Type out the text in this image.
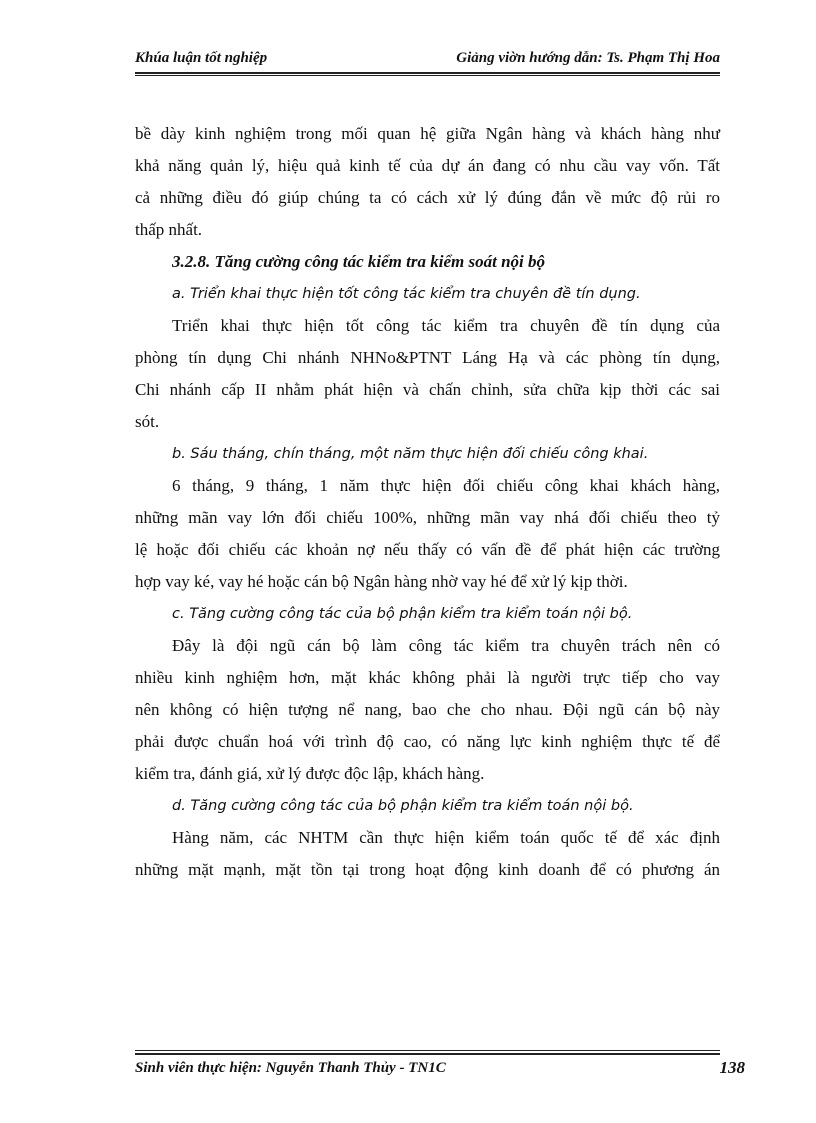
Khúa luận tốt nghiệp	Giảng viờn hướng dẫn: Ts. Phạm Thị Hoa

bề dày kinh nghiệm trong mối quan hệ giữa Ngân hàng và khách hàng như
khả năng quản lý, hiệu quả kinh tế của dự án đang có nhu cầu vay vốn. Tất
cả những điều đó giúp chúng ta có cách xử lý đúng đắn về mức độ rủi ro
thấp nhất.

3.2.8. Tăng cường công tác kiểm tra kiểm soát nội bộ

a. Triển khai thực hiện tốt công tác kiểm tra chuyên đề tín dụng.

Triển khai thực hiện tốt công tác kiểm tra chuyên đề tín dụng của
phòng tín dụng Chi nhánh NHNo&PTNT Láng Hạ và các phòng tín dụng,
Chi nhánh cấp II nhằm phát hiện và chấn chỉnh, sửa chữa kịp thời các sai
sót.

b. Sáu tháng, chín tháng, một năm thực hiện đối chiếu công khai.

6 tháng, 9 tháng, 1 năm thực hiện đối chiếu công khai khách hàng,
những mãn vay lớn đối chiếu 100%, những mãn vay nhá đối chiếu theo tỷ
lệ hoặc đối chiếu các khoản nợ nếu thấy có vấn đề để phát hiện các trường
hợp vay ké, vay hé hoặc cán bộ Ngân hàng nhờ vay hé để xử lý kịp thời.

c. Tăng cường công tác của bộ phận kiểm tra kiểm toán nội bộ.

Đây là đội ngũ cán bộ làm công tác kiểm tra chuyên trách nên có
nhiều kinh nghiệm hơn, mặt khác không phải là người trực tiếp cho vay
nên không có hiện tượng nể nang, bao che cho nhau. Đội ngũ cán bộ này
phải được chuẩn hoá với trình độ cao, có năng lực kinh nghiệm thực tế để
kiểm tra, đánh giá, xử lý được độc lập, khách hàng.

d. Tăng cường công tác của bộ phận kiểm tra kiểm toán nội bộ.

Hàng năm, các NHTM cần thực hiện kiểm toán quốc tế để xác định
những mặt mạnh, mặt tồn tại trong hoạt động kinh doanh để có phương án

Sinh viên thực hiện: Nguyễn Thanh Thủy - TN1C	138
